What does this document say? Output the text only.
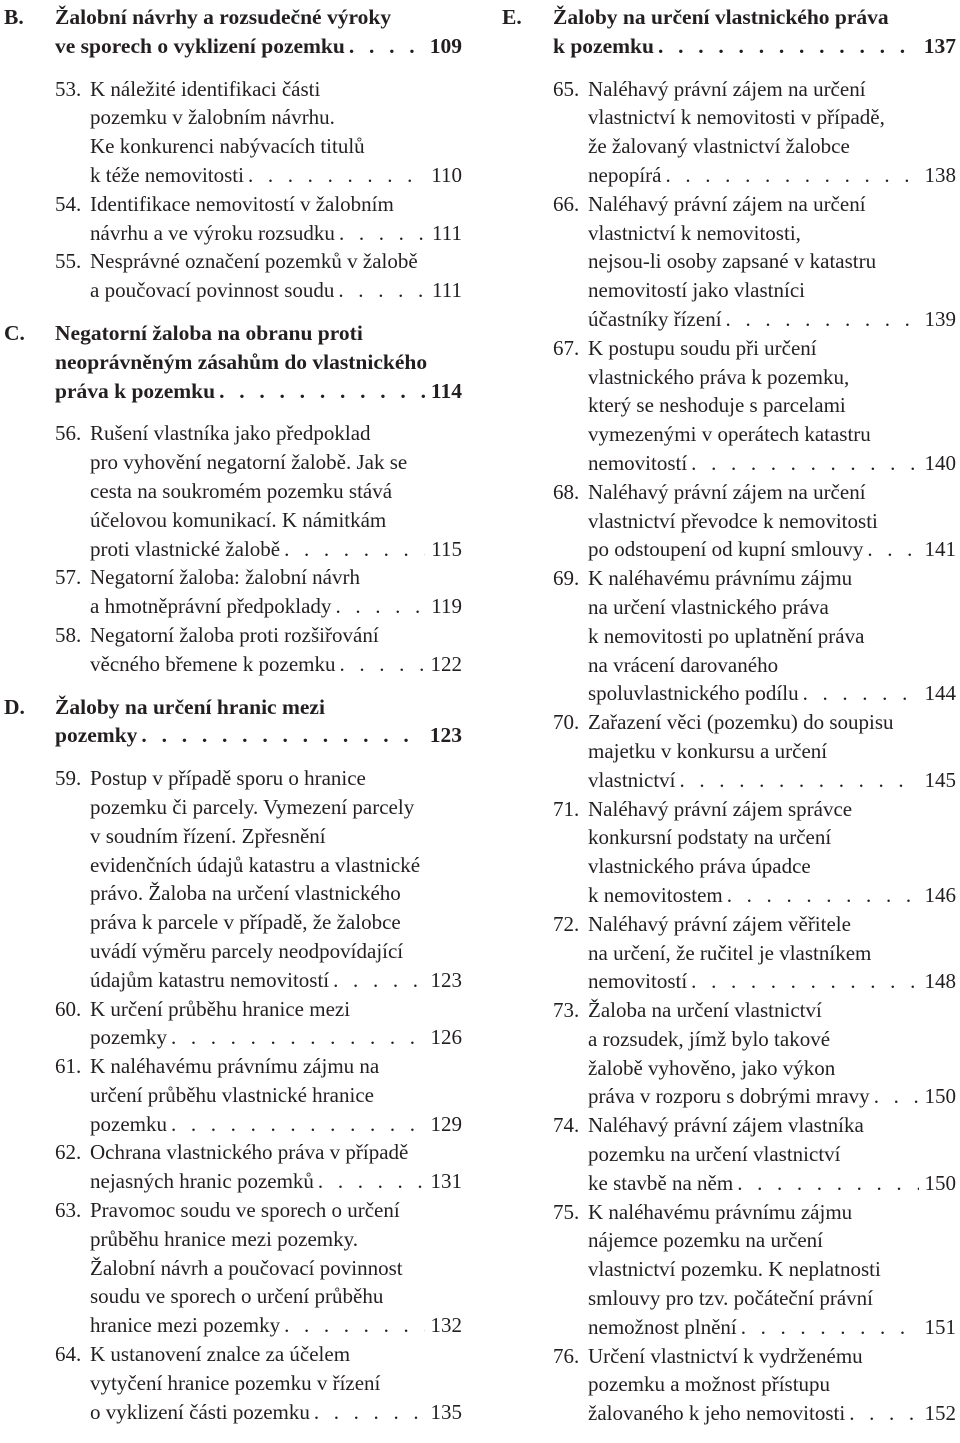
B. Žalobní návrhy a rozsudečné výroky
ve sporech o vyklizení pozemku . . .	109
53. K náležité identifikaci části
pozemku v žalobním návrhu.
Ke konkurenci nabývacích titulů
k téže nemovitosti . . .	110
54. Identifikace nemovitostí v žalobním
návrhu a ve výroku rozsudku . . .	111
55. Nesprávné označení pozemků v žalobě
a poučovací povinnost soudu . . .	111
C. Negatorní žaloba na obranu proti
neoprávněným zásahům do vlastnického
práva k pozemku . . .	114
56. Rušení vlastníka jako předpoklad
pro vyhovění negatorní žalobě. Jak se
cesta na soukromém pozemku stává
účelovou komunikací. K námitkám
proti vlastnické žalobě . . .	115
57. Negatorní žaloba: žalobní návrh
a hmotněprávní předpoklady . . .	119
58. Negatorní žaloba proti rozšiřování
věcného břemene k pozemku . . .	122
D. Žaloby na určení hranic mezi
pozemky . . .	123
59. Postup v případě sporu o hranice
pozemku či parcely. Vymezení parcely
v soudním řízení. Zpřesnění
evidenčních údajů katastru a vlastnické
právo. Žaloba na určení vlastnického
práva k parcele v případě, že žalobce
uvádí výměru parcely neodpovídající
údajům katastru nemovitostí . . .	123
60. K určení průběhu hranice mezi
pozemky . . .	126
61. K naléhavému právnímu zájmu na
určení průběhu vlastnické hranice
pozemku . . .	129
62. Ochrana vlastnického práva v případě
nejasných hranic pozemků . . .	131
63. Pravomoc soudu ve sporech o určení
průběhu hranice mezi pozemky.
Žalobní návrh a poučovací povinnost
soudu ve sporech o určení průběhu
hranice mezi pozemky . . .	132
64. K ustanovení znalce za účelem
vytyčení hranice pozemku v řízení
o vyklizení části pozemku . . .	135
E. Žaloby na určení vlastnického práva
k pozemku . . .	137
65. Naléhavý právní zájem na určení
vlastnictví k nemovitosti v případě,
že žalovaný vlastnictví žalobce
nepopírá . . .	138
66. Naléhavý právní zájem na určení
vlastnictví k nemovitosti,
nejsou-li osoby zapsané v katastru
nemovitostí jako vlastníci
účastníky řízení . . .	139
67. K postupu soudu při určení
vlastnického práva k pozemku,
který se neshoduje s parcelami
vymezenými v operátech katastru
nemovitostí . . .	140
68. Naléhavý právní zájem na určení
vlastnictví převodce k nemovitosti
po odstoupení od kupní smlouvy . . .	141
69. K naléhavému právnímu zájmu
na určení vlastnického práva
k nemovitosti po uplatnění práva
na vrácení darovaného
spoluvlastnického podílu . . .	144
70. Zařazení věci (pozemku) do soupisu
majetku v konkursu a určení
vlastnictví . . .	145
71. Naléhavý právní zájem správce
konkursní podstaty na určení
vlastnického práva úpadce
k nemovitostem . . .	146
72. Naléhavý právní zájem věřitele
na určení, že ručitel je vlastníkem
nemovitostí . . .	148
73. Žaloba na určení vlastnictví
a rozsudek, jímž bylo takové
žalobě vyhověno, jako výkon
práva v rozporu s dobrými mravy . . .	150
74. Naléhavý právní zájem vlastníka
pozemku na určení vlastnictví
ke stavbě na něm . . .	150
75. K naléhavému právnímu zájmu
nájemce pozemku na určení
vlastnictví pozemku. K neplatnosti
smlouvy pro tzv. počáteční právní
nemožnost plnění . . .	151
76. Určení vlastnictví k vydrženému
pozemku a možnost přístupu
žalovaného k jeho nemovitosti . . .	152
